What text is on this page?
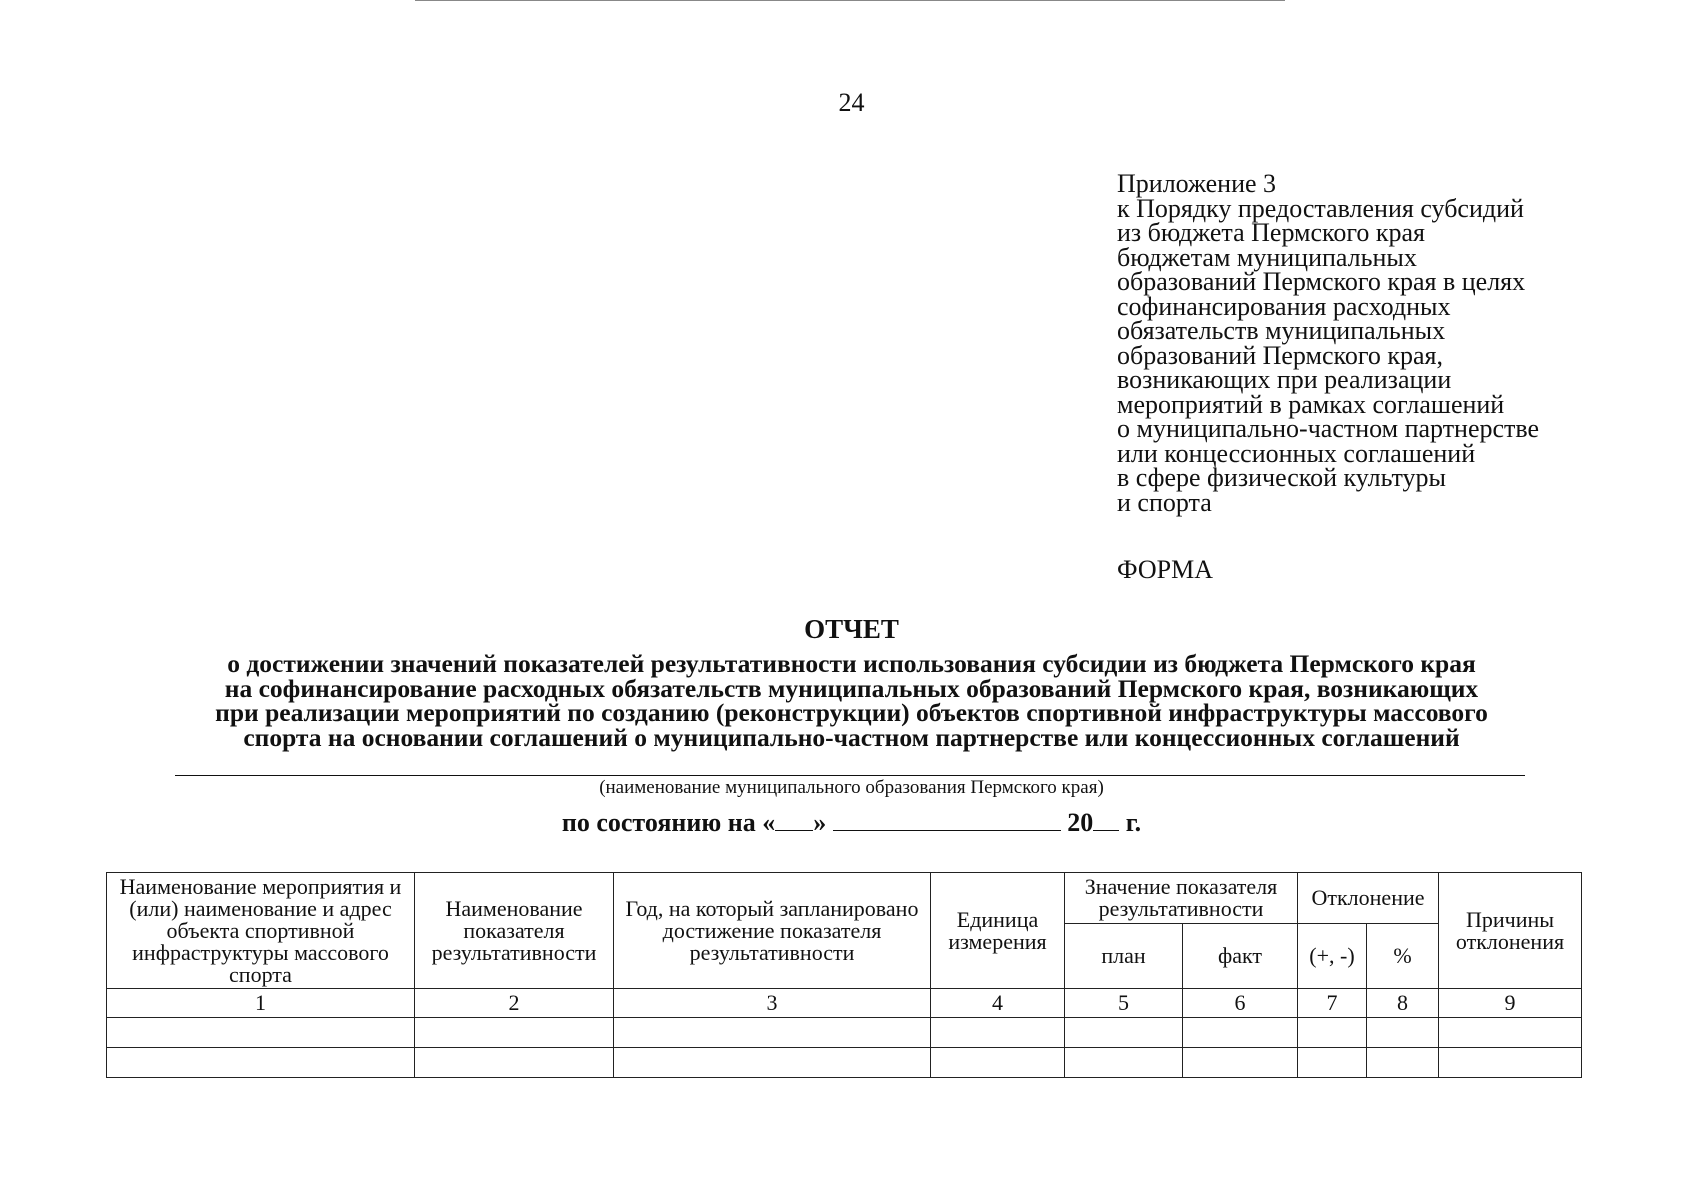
24
Приложение 3
к Порядку предоставления субсидий
из бюджета Пермского края
бюджетам муниципальных
образований Пермского края в целях
софинансирования расходных
обязательств муниципальных
образований Пермского края,
возникающих при реализации
мероприятий в рамках соглашений
о муниципально-частном партнерстве
или концессионных соглашений
в сфере физической культуры
и спорта
ФОРМА
ОТЧЕТ
о достижении значений показателей результативности использования субсидии из бюджета Пермского края
на софинансирование расходных обязательств муниципальных образований Пермского края, возникающих
при реализации мероприятий по созданию (реконструкции) объектов спортивной инфраструктуры массового
спорта на основании соглашений о муниципально-частном партнерстве или концессионных соглашений
(наименование муниципального образования Пермского края)
по состоянию на « »	20 г.
Наименование мероприятия и (или) наименование и адрес объекта спортивной инфраструктуры массового спорта	Наименование показателя результативности	Год, на который запланировано достижение показателя результативности	Единица измерения	Значение показателя результативности		Отклонение		Причины отклонения
				план	факт	(+, -)	%	
1	2	3	4	5	6	7	8	9
